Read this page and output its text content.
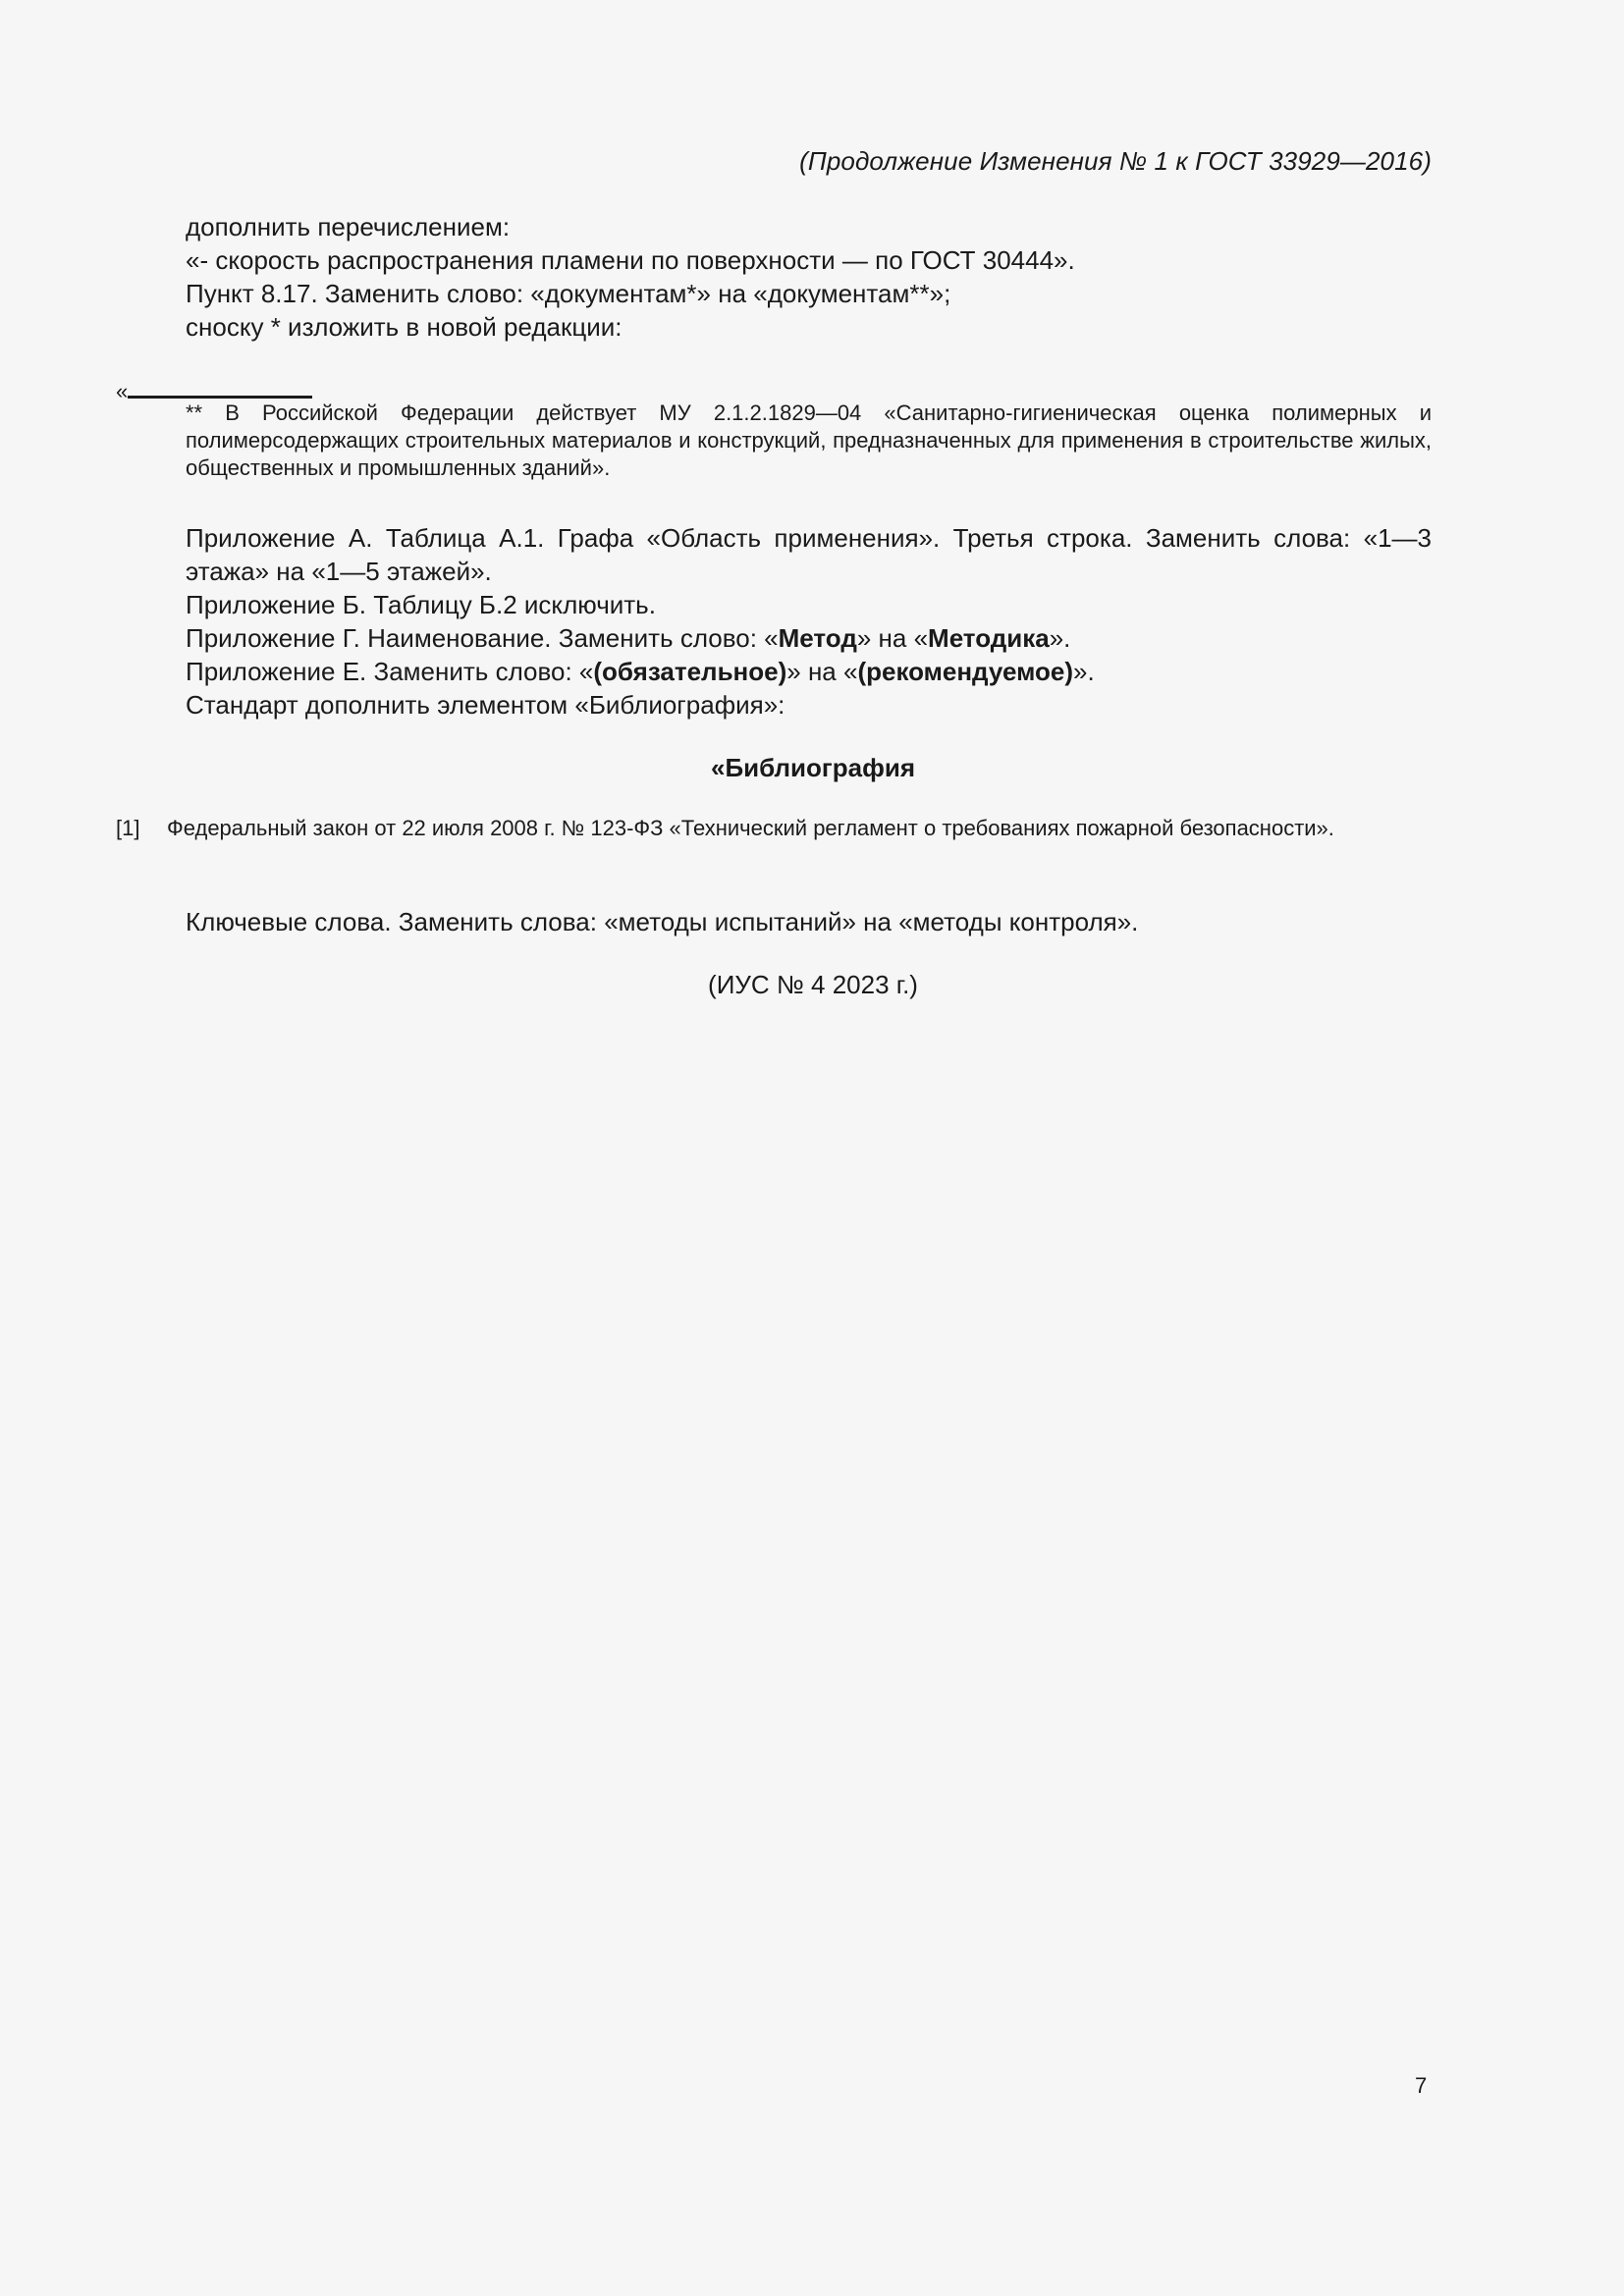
(Продолжение Изменения № 1 к ГОСТ 33929—2016)
дополнить перечислением:
«- скорость распространения пламени по поверхности — по ГОСТ 30444».
Пункт 8.17. Заменить слово: «документам*» на «документам**»;
сноску * изложить в новой редакции:
«
** В Российской Федерации действует МУ 2.1.2.1829—04 «Санитарно-гигиеническая оценка полимерных и полимерсодержащих строительных материалов и конструкций, предназначенных для применения в строительстве жилых, общественных и промышленных зданий».
Приложение А. Таблица А.1. Графа «Область применения». Третья строка. Заменить слова: «1—3 этажа» на «1—5 этажей».
Приложение Б. Таблицу Б.2 исключить.
Приложение Г. Наименование. Заменить слово: «Метод» на «Методика».
Приложение Е. Заменить слово: «(обязательное)» на «(рекомендуемое)».
Стандарт дополнить элементом «Библиография»:
«Библиография
[1] Федеральный закон от 22 июля 2008 г. № 123-ФЗ «Технический регламент о требованиях пожарной безопасности».
Ключевые слова. Заменить слова: «методы испытаний» на «методы контроля».
(ИУС № 4 2023 г.)
7
